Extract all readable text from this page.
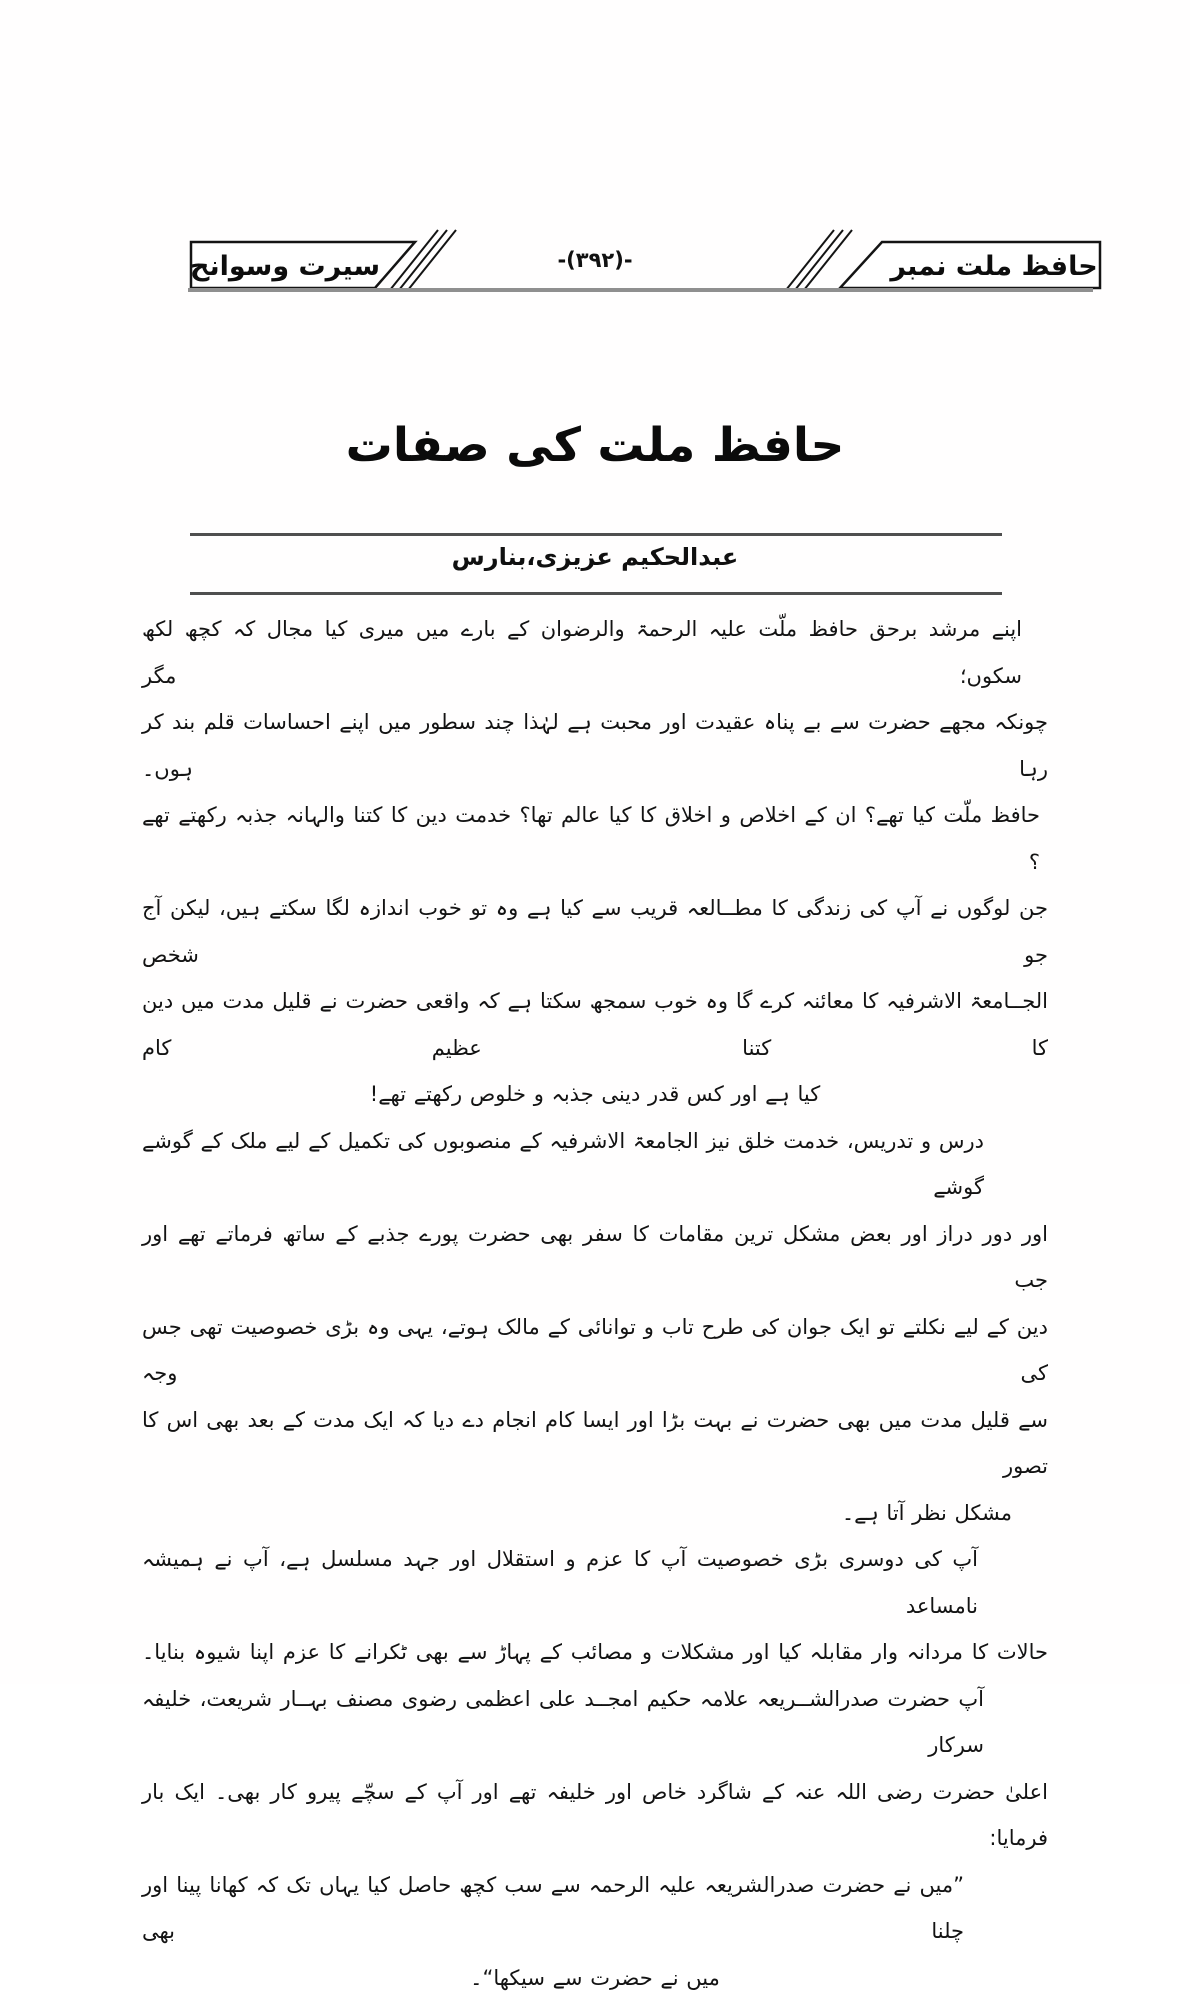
سیرت وسوانح	-(۳۹۲)-	حافظ ملت نمبر
حافظ ملت کی صفات
عبدالحکیم عزیزی،بنارس
اپنے مرشد برحق حافظ ملّت علیہ الرحمۃ والرضوان کے بارے میں میری کیا مجال کہ کچھ لکھ سکوں؛ مگر
چونکہ مجھے حضرت سے بے پناہ عقیدت اور محبت ہے لہٰذا چند سطور میں اپنے احساسات قلم بند کر رہا ہوں۔
حافظ ملّت کیا تھے؟ ان کے اخلاص و اخلاق کا کیا عالم تھا؟ خدمت دین کا کتنا والہانہ جذبہ رکھتے تھے ؟
جن لوگوں نے آپ کی زندگی کا مطــالعہ قریب سے کیا ہے وہ تو خوب اندازہ لگا سکتے ہیں، لیکن آج جو شخص
الجــامعۃ الاشرفیہ کا معائنہ کرے گا وہ خوب سمجھ سکتا ہے کہ واقعی حضرت نے قلیل مدت میں دین کا کتنا عظیم کام
کیا ہے اور کس قدر دینی جذبہ و خلوص رکھتے تھے!
درس و تدریس، خدمت خلق نیز الجامعۃ الاشرفیہ کے منصوبوں کی تکمیل کے لیے ملک کے گوشے گوشے
اور دور دراز اور بعض مشکل ترین مقامات کا سفر بھی حضرت پورے جذبے کے ساتھ فرماتے تھے اور جب
دین کے لیے نکلتے تو ایک جوان کی طرح تاب و توانائی کے مالک ہوتے، یہی وہ بڑی خصوصیت تھی جس کی وجہ
سے قلیل مدت میں بھی حضرت نے بہت بڑا اور ایسا کام انجام دے دیا کہ ایک مدت کے بعد بھی اس کا تصور
مشکل نظر آتا ہے۔
آپ کی دوسری بڑی خصوصیت آپ کا عزم و استقلال اور جہد مسلسل ہے، آپ نے ہمیشہ نامساعد
حالات کا مردانہ وار مقابلہ کیا اور مشکلات و مصائب کے پہاڑ سے بھی ٹکرانے کا عزم اپنا شیوہ بنایا۔
آپ حضرت صدرالشــریعہ علامہ حکیم امجــد علی اعظمی رضوی مصنف بہــار شریعت، خلیفہ سرکار
اعلیٰ حضرت رضی اللہ عنہ کے شاگرد خاص اور خلیفہ تھے اور آپ کے سچّے پیرو کار بھی۔ ایک بار فرمایا:
”میں نے حضرت صدرالشریعہ علیہ الرحمہ سے سب کچھ حاصل کیا یہاں تک کہ کھانا پینا اور چلنا بھی
میں نے حضرت سے سیکھا“۔
